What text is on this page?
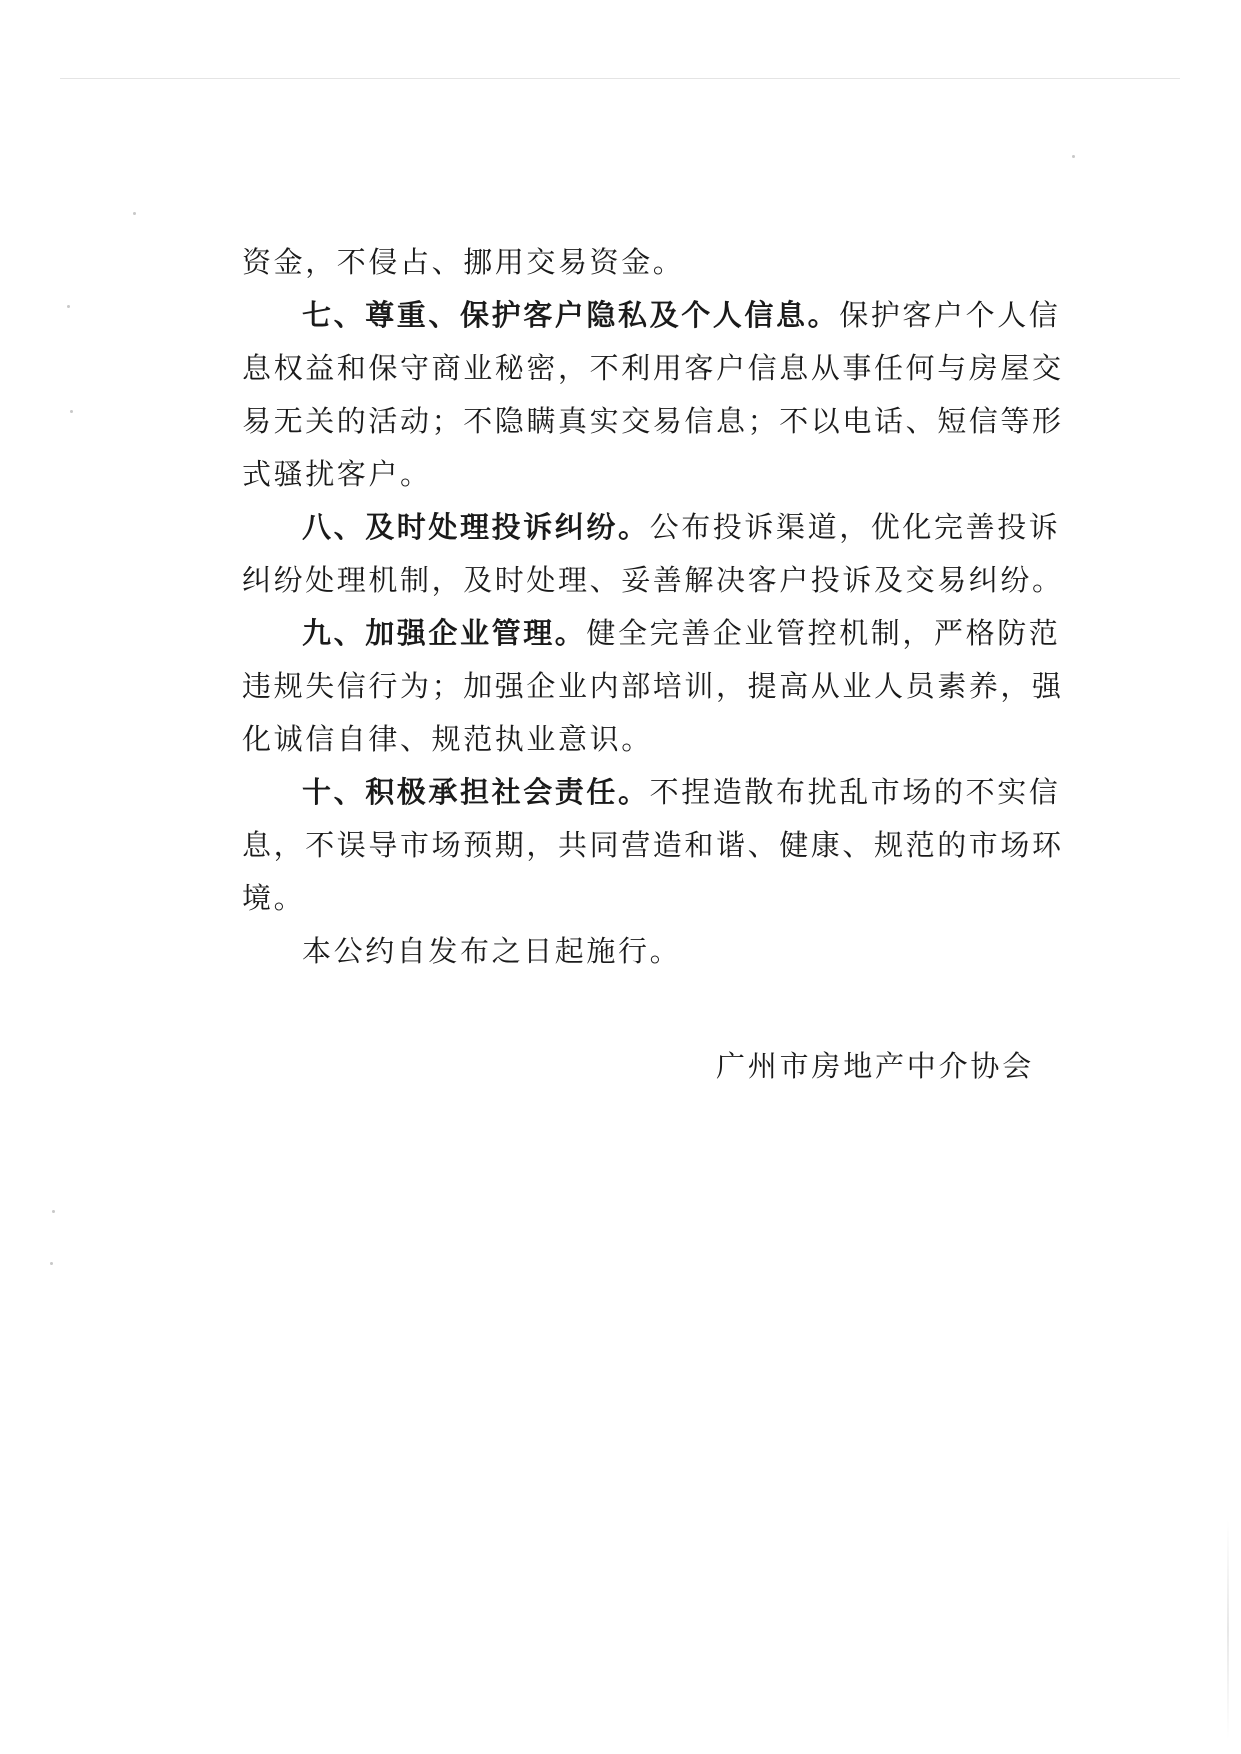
资金，不侵占、挪用交易资金。
七、尊重、保护客户隐私及个人信息。保护客户个人信
息权益和保守商业秘密，不利用客户信息从事任何与房屋交
易无关的活动；不隐瞒真实交易信息；不以电话、短信等形
式骚扰客户。
八、及时处理投诉纠纷。公布投诉渠道，优化完善投诉
纠纷处理机制，及时处理、妥善解决客户投诉及交易纠纷。
九、加强企业管理。健全完善企业管控机制，严格防范
违规失信行为；加强企业内部培训，提高从业人员素养，强
化诚信自律、规范执业意识。
十、积极承担社会责任。不捏造散布扰乱市场的不实信
息，不误导市场预期，共同营造和谐、健康、规范的市场环
境。
本公约自发布之日起施行。
广州市房地产中介协会
